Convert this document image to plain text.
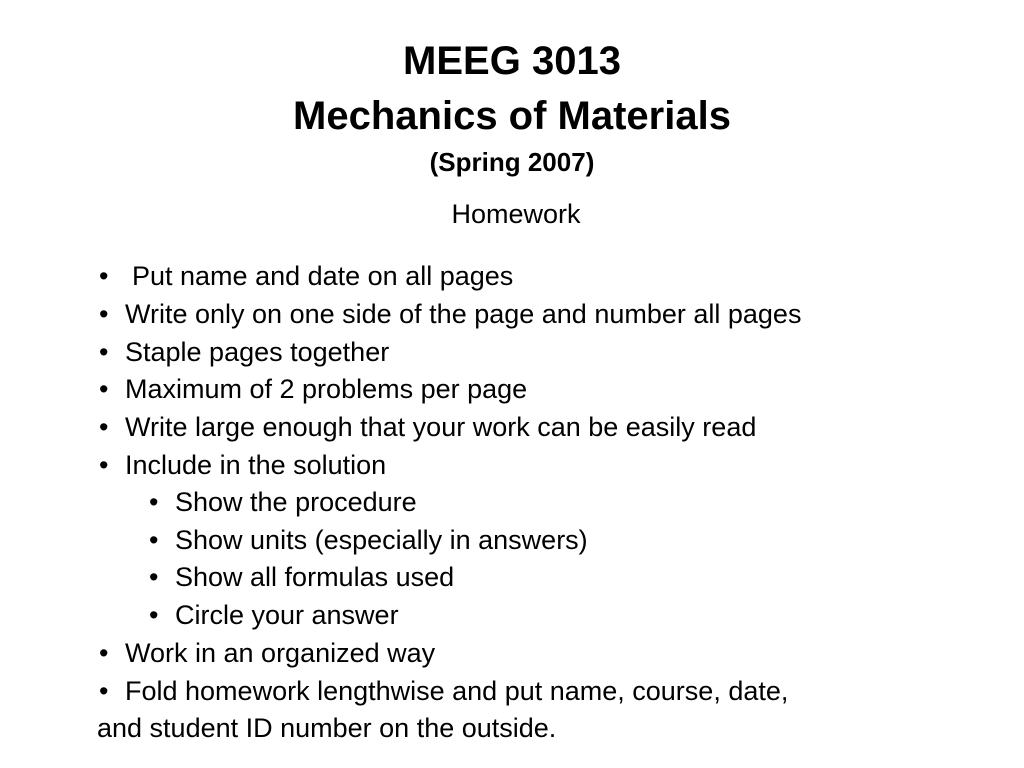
MEEG 3013
Mechanics of Materials
(Spring 2007)
Homework
• Put name and date on all pages
• Write only on one side of the page and number all pages
• Staple pages together
• Maximum of 2 problems per page
• Write large enough that your work can be easily read
• Include in the solution
• Show the procedure
• Show units (especially in answers)
• Show all formulas used
• Circle your answer
• Work in an organized way
• Fold homework lengthwise and put name, course, date,
and student ID number on the outside.
